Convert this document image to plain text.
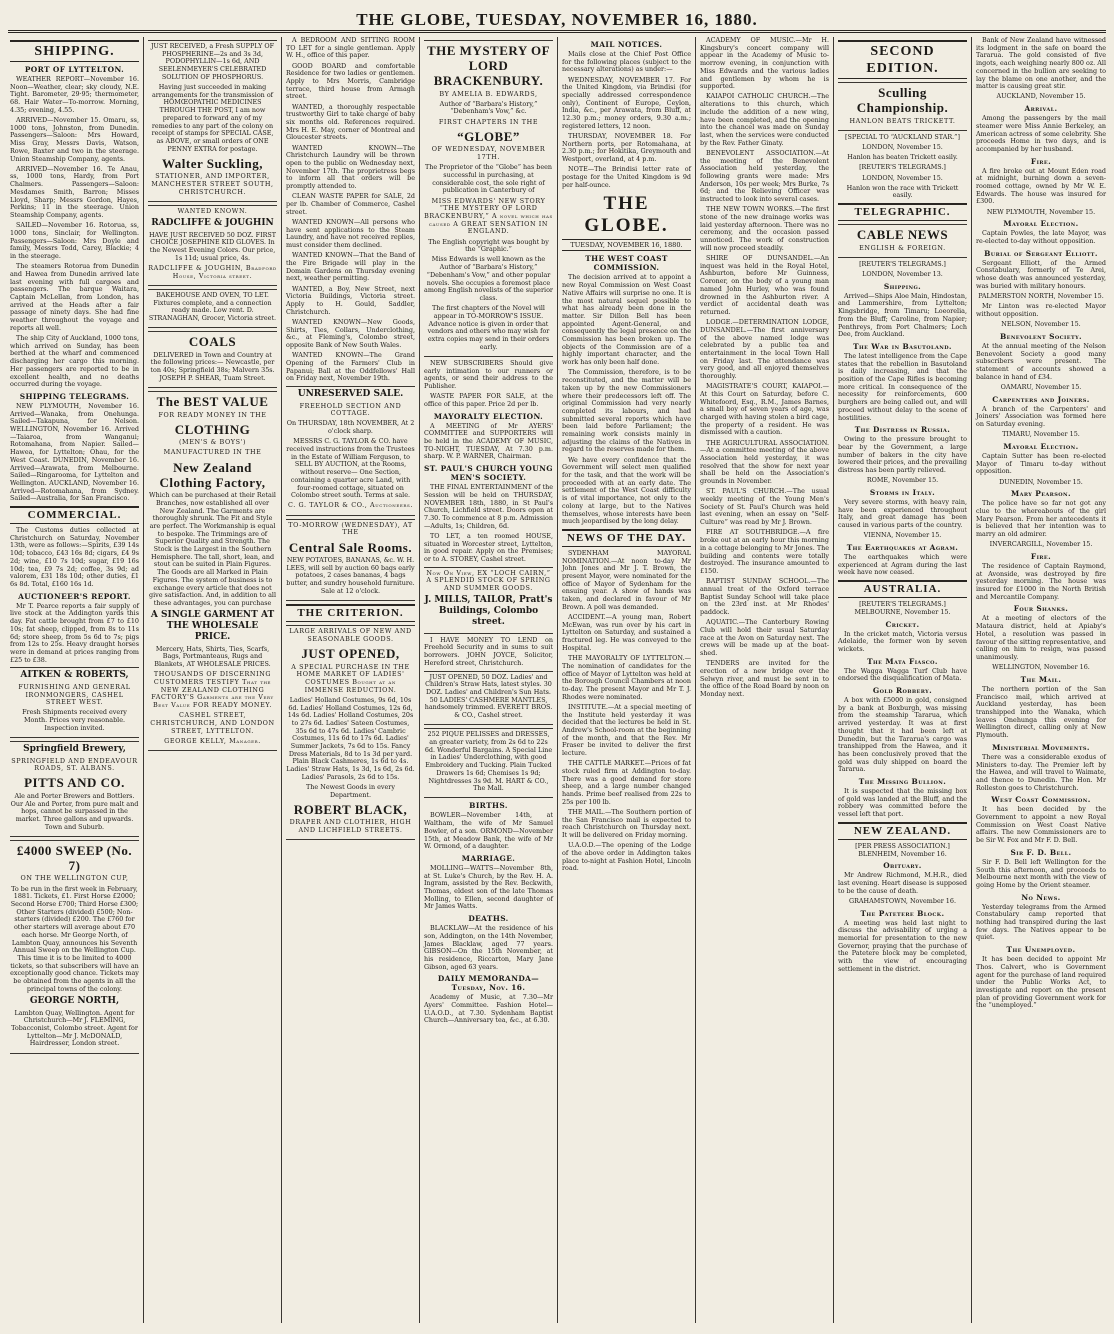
THE GLOBE, TUESDAY, NOVEMBER 16, 1880.
SHIPPING.
PORT OF LYTTELTON.

WEATHER REPORT—November 16. Noon—Weather, clear; sky cloudy, N.E. Tight. Barometer, 29·95; thermometer, 68. Hair Water—To-morrow. Morning, 4.35; evening, 4.55.

ARRIVED—November 15. Omaru, ss, 1000 tons, Johnston, from Dunedin. Passengers—Saloon: Mrs Howard, Miss Gray, Messrs Davis, Watson, Rowe, Baxter and two in the steerage. Union Steamship Company, agents.

ARRIVED—November 16. Te Anau, ss, 1000 tons, Hardy, from Port Chalmers. Passengers—Saloon: Mesdames Smith, Barron; Misses Lloyd, Sharp; Messrs Gordon, Hayes, Perkins; 11 in the steerage. Union Steamship Company, agents.

SAILED—November 16. Rotorua, ss, 1000 tons, Sinclair, for Wellington. Passengers—Saloon: Mrs Doyle and family, Messrs Todd, Carey, Blackie; 4 in the steerage.

The steamers Rotorua from Dunedin and Hawea from Dunedin arrived late last evening with full cargoes and passengers. The barque Waitara, Captain McLellan, from London, has arrived at the Heads after a fair passage of ninety days. She had fine weather throughout the voyage and reports all well.

The ship City of Auckland, 1000 tons, which arrived on Sunday, has been berthed at the wharf and commenced discharging her cargo this morning. Her passengers are reported to be in excellent health, and no deaths occurred during the voyage.

SHIPPING TELEGRAMS.

NEW PLYMOUTH, November 16. Arrived—Wanaka, from Onehunga. Sailed—Takapuna, for Nelson. WELLINGTON, November 16. Arrived—Taiaroa, from Wanganui; Rotomahana, from Napier. Sailed—Hawea, for Lyttelton; Ohau, for the West Coast. DUNEDIN, November 16. Arrived—Arawata, from Melbourne. Sailed—Ringarooma, for Lyttelton and Wellington. AUCKLAND, November 16. Arrived—Rotomahana, from Sydney. Sailed—Australia, for San Francisco.

COMMERCIAL.

The Customs duties collected at Christchurch on Saturday, November 13th, were as follows:—Spirits, £39 14s 10d; tobacco, £43 16s 8d; cigars, £4 9s 2d; wine, £10 7s 10d; sugar, £19 16s 10d; tea, £9 7s 2d; coffee, 3s 9d; ad valorem, £31 18s 10d; other duties, £1 6s 8d. Total, £160 16s 1d.

AUCTIONEER'S REPORT.

Mr T. Pearce reports a fair supply of live stock at the Addington yards this day. Fat cattle brought from £7 to £10 10s; fat sheep, clipped, from 8s to 11s 6d; store sheep, from 5s 6d to 7s; pigs from 12s to 25s. Heavy draught horses were in demand at prices ranging from £25 to £38.

AITKEN & ROBERTS,

FURNISHING AND GENERAL IRONMONGERS, CASHEL STREET WEST.

Fresh Shipments received every Month. Prices very reasonable. Inspection invited.

Springfield Brewery,

SPRINGFIELD AND ENDEAVOUR ROADS, ST. ALBANS.

PITTS AND CO.

Ale and Porter Brewers and Bottlers. Our Ale and Porter, from pure malt and hops, cannot be surpassed in the market. Three gallons and upwards. Town and Suburb.

£4000 SWEEP (No. 7)

ON THE WELLINGTON CUP,

To be run in the first week in February, 1881. Tickets, £1. First Horse £2000; Second Horse £700; Third Horse £300; Other Starters (divided) £500; Non-starters (divided) £200. The £760 for other starters will average about £70 each horse. Mr George North, of Lambton Quay, announces his Seventh Annual Sweep on the Wellington Cup. This time it is to be limited to 4000 tickets, so that subscribers will have an exceptionally good chance. Tickets may be obtained from the agents in all the principal towns of the colony.

GEORGE NORTH,

Lambton Quay, Wellington. Agent for Christchurch—Mr J. FLEMING, Tobacconist, Colombo street. Agent for Lyttelton—Mr J. McDONALD, Hairdresser, London street.

JUST RECEIVED, a Fresh SUPPLY OF PHOSPHERINE—2s and 3s 3d, PODOPHYLLIN—1s 6d, AND SEELENMEYER'S CELEBRATED SOLUTION OF PHOSPHORUS.

Having just succeeded in making arrangements for the transmission of HOMŒOPATHIC MEDICINES THROUGH THE POST, I am now prepared to forward any of my remedies to any part of the colony on receipt of stamps for SPECIAL CASE, as ABOVE, or small orders of ONE PENNY EXTRA for postage.

Walter Suckling,

STATIONER, AND IMPORTER, MANCHESTER STREET SOUTH, CHRISTCHURCH.

WANTED KNOWN.

RADCLIFFE & JOUGHIN

HAVE JUST RECEIVED 50 DOZ. FIRST CHOICE JOSEPHINE KID GLOVES. In the Newest Evening Colors. Our price, 1s 11d; usual price, 4s.

RADCLIFFE & JOUGHIN, Bradford House, Victoria street.

BAKEHOUSE AND OVEN, TO LET. Fixtures complete, and a connection ready made. Low rent. D. STRANAGHAN, Grocer, Victoria street.

COALS

DELIVERED in Town and Country at the following prices:— Newcastle, per ton 40s; Springfield 38s; Malvern 35s. JOSEPH P. SHEAR, Tuam Street.

The BEST VALUE

FOR READY MONEY IN THE

CLOTHING

(MEN'S & BOYS')

MANUFACTURED IN THE

New Zealand Clothing Factory,

Which can be purchased at their Retail Branches, now established all over New Zealand. The Garments are thoroughly shrunk. The Fit and Style are perfect. The Workmanship is equal to bespoke. The Trimmings are of Superior Quality and Strength. The Stock is the Largest in the Southern Hemisphere. The tall, short, lean, and stout can be suited in Plain Figures. The Goods are all Marked in Plain Figures. The system of business is to exchange every article that does not give satisfaction. And, in addition to all these advantages, you can purchase

A SINGLE GARMENT AT THE WHOLESALE PRICE.

Mercery, Hats, Shirts, Ties, Scarfs, Bags, Portmanteaus, Rugs and Blankets, AT WHOLESALE PRICES.

THOUSANDS OF DISCERNING CUSTOMERS TESTIFY That the NEW ZEALAND CLOTHING FACTORY'S Garments are the Very Best Value FOR READY MONEY.

CASHEL STREET, CHRISTCHURCH, AND LONDON STREET, LYTTELTON.

GEORGE KELLY, Manager.

A BEDROOM AND SITTING ROOM TO LET for a single gentleman. Apply W. H., office of this paper.

GOOD BOARD and comfortable Residence for two ladies or gentlemen. Apply to Mrs Morris, Cambridge terrace, third house from Armagh street.

WANTED, a thoroughly respectable trustworthy Girl to take charge of baby six months old. References required. Mrs H. E. May, corner of Montreal and Gloucester streets.

WANTED KNOWN—The Christchurch Laundry will be thrown open to the public on Wednesday next, November 17th. The proprietress begs to inform all that orders will be promptly attended to.

CLEAN WASTE PAPER for SALE, 2d per lb. Chamber of Commerce, Cashel street.

WANTED KNOWN—All persons who have sent applications to the Steam Laundry, and have not received replies, must consider them declined.

WANTED KNOWN—That the Band of the Fire Brigade will play in the Domain Gardens on Thursday evening next, weather permitting.

WANTED, a Boy, New Street, next Victoria Buildings, Victoria street. Apply to H. Gould, Saddler, Christchurch.

WANTED KNOWN—New Goods, Shirts, Ties, Collars, Underclothing, &c., at Fleming's, Colombo street, opposite Bank of New South Wales.

WANTED KNOWN—The Grand Opening of the Farmers' Club in Papanui; Ball at the Oddfellows' Hall on Friday next, November 19th.

UNRESERVED SALE.

FREEHOLD SECTION AND COTTAGE.

On THURSDAY, 18th NOVEMBER, At 2 o'clock sharp.

MESSRS C. G. TAYLOR & CO. have received instructions from the Trustees in the Estate of William Ferguson, to SELL BY AUCTION, at the Rooms, without reserve— One Section, containing a quarter acre Land, with four-roomed cottage, situated on Colombo street south. Terms at sale.

C. G. TAYLOR & CO., Auctioneers.

TO-MORROW (WEDNESDAY), AT THE

Central Sale Rooms.

NEW POTATOES, BANANAS, &c. W. H. LEES, will sell by auction 60 bags early potatoes, 2 cases bananas, 4 bags butter, and sundry household furniture. Sale at 12 o'clock.

THE CRITERION.

LARGE ARRIVALS OF NEW AND SEASONABLE GOODS.

JUST OPENED,

A SPECIAL PURCHASE IN THE HOME MARKET OF LADIES' COSTUMES Bought at an IMMENSE REDUCTION.

Ladies' Holland Costumes, 9s 6d, 10s 6d. Ladies' Holland Costumes, 12s 6d, 14s 6d. Ladies' Holland Costumes, 20s to 27s 6d. Ladies' Sateen Costumes, 35s 6d to 47s 6d. Ladies' Cambric Costumes, 11s 6d to 17s 6d. Ladies' Summer Jackets, 7s 6d to 15s. Fancy Dress Materials, 8d to 1s 3d per yard. Plain Black Cashmeres, 1s 6d to 4s. Ladies' Straw Hats, 1s 3d, 1s 6d, 2s 6d. Ladies' Parasols, 2s 6d to 15s.

The Newest Goods in every Department.

ROBERT BLACK,

DRAPER AND CLOTHIER, HIGH AND LICHFIELD STREETS.

THE MYSTERY OF LORD BRACKENBURY.

BY AMELIA B. EDWARDS,

Author of “Barbara's History,” “Debenham's Vow,” &c.

FIRST CHAPTERS IN THE

“GLOBE”

OF WEDNESDAY, NOVEMBER 17TH.

The Proprietor of the “Globe” has been successful in purchasing, at considerable cost, the sole right of publication in Canterbury of

MISS EDWARDS' NEW STORY “THE MYSTERY OF LORD BRACKENBURY,” A novel which has caused A GREAT SENSATION IN ENGLAND.

The English copyright was bought by the “Graphic.”

Miss Edwards is well known as the Author of “Barbara's History,” “Debenham's Vow,” and other popular novels. She occupies a foremost place among English novelists of the superior class.

The first chapters of the Novel will appear in TO-MORROW'S ISSUE. Advance notice is given in order that vendors and others who may wish for extra copies may send in their orders early.

NEW SUBSCRIBERS Should give early intimation to our runners or agents, or send their address to the Publisher.

WASTE PAPER FOR SALE, at the office of this paper. Price 2d per lb.

MAYORALTY ELECTION.

A MEETING of Mr AYERS' COMMITTEE and SUPPORTERS will be held in the ACADEMY OF MUSIC, TO-NIGHT, TUESDAY, At 7.30 p.m. sharp. W. P. WARNER, Chairman.

ST. PAUL'S CHURCH YOUNG MEN'S SOCIETY.

THE FINAL ENTERTAINMENT of the Session will be held on THURSDAY, NOVEMBER 18th, 1880, in St Paul's Church, Lichfield street. Doors open at 7.30. To commence at 8 p.m. Admission—Adults, 1s; Children, 6d.

TO LET, a ten roomed HOUSE, situated in Worcester street, Lyttelton, in good repair. Apply on the Premises; or to A. STOREY, Cashel street.

Now On View, EX “LOCH CAIRN,” A SPLENDID STOCK OF SPRING AND SUMMER GOODS.

J. MILLS, TAILOR, Pratt's Buildings, Colombo street.

I HAVE MONEY TO LEND on Freehold Security and in sums to suit borrowers. JOHN JOYCE, Solicitor, Hereford street, Christchurch.

JUST OPENED, 50 DOZ. Ladies' and Children's Straw Hats, latest styles. 30 DOZ. Ladies' and Children's Sun Hats. 50 LADIES' CASHMERE MANTLES, handsomely trimmed. EVERETT BROS. & CO., Cashel street.

252 PIQUE PELISSES and DRESSES, an greater variety, from 2s 6d to 22s 6d. Wonderful Bargains. A Special Line in Ladies' Underclothing, with good Embroidery and Tucking. Plain Tucked Drawers 1s 6d; Chemises 1s 9d; Nightdresses 3s 9d. M. HART & CO., The Mall.

BIRTHS.

BOWLER—November 14th, at Waltham, the wife of Mr Samuel Bowler, of a son. ORMOND—November 15th, at Meadow Bank, the wife of Mr W. Ormond, of a daughter.

MARRIAGE.

MOLLING—WATTS—November 8th, at St. Luke's Church, by the Rev. H. A. Ingram, assisted by the Rev. Beckwith, Thomas, eldest son of the late Thomas Molling, to Ellen, second daughter of Mr James Watts.

DEATHS.

BLACKLAW—At the residence of his son, Addington, on the 14th November, James Blacklaw, aged 77 years. GIBSON—On the 15th November, at his residence, Riccarton, Mary Jane Gibson, aged 63 years.

DAILY MEMORANDA—Tuesday, Nov. 16.

Academy of Music, at 7.30—Mr Ayers' Committee. Fashion Hotel—U.A.O.D., at 7.30. Sydenham Baptist Church—Anniversary tea, &c., at 6.30.

MAIL NOTICES.

Mails close at the Chief Post Office for the following places (subject to the necessary alterations) as under:—

WEDNESDAY, NOVEMBER 17. For the United Kingdom, via Brindisi (for specially addressed correspondence only), Continent of Europe, Ceylon, India, &c., per Arawata, from Bluff, at 12.30 p.m.; money orders, 9.30 a.m.; registered letters, 12 noon.

THURSDAY, NOVEMBER 18. For Northern ports, per Rotomahana, at 2.30 p.m.; for Hokitika, Greymouth and Westport, overland, at 4 p.m.

NOTE—The Brindisi letter rate of postage for the United Kingdom is 9d per half-ounce.

THE GLOBE.
TUESDAY, NOVEMBER 16, 1880.
THE WEST COAST COMMISSION.

The decision arrived at to appoint a new Royal Commission on West Coast Native Affairs will surprise no one. It is the most natural sequel possible to what has already been done in the matter. Sir Dillon Bell has been appointed Agent-General, and consequently the legal presence on the Commission has been broken up. The objects of the Commission are of a highly important character, and the work has only been half done.

The Commission, therefore, is to be reconstituted, and the matter will be taken up by the new Commissioners where their predecessors left off. The original Commission had very nearly completed its labours, and had submitted several reports which have been laid before Parliament; the remaining work consists mainly in adjusting the claims of the Natives in regard to the reserves made for them.

We have every confidence that the Government will select men qualified for the task, and that the work will be proceeded with at an early date. The settlement of the West Coast difficulty is of vital importance, not only to the colony at large, but to the Natives themselves, whose interests have been much jeopardised by the long delay.

NEWS OF THE DAY.

SYDENHAM MAYORAL NOMINATION.—At noon to-day Mr John Jones and Mr J. T. Brown, the present Mayor, were nominated for the office of Mayor of Sydenham for the ensuing year. A show of hands was taken, and declared in favour of Mr Brown. A poll was demanded.

ACCIDENT.—A young man, Robert McEwan, was run over by his cart in Lyttelton on Saturday, and sustained a fractured leg. He was conveyed to the Hospital.

THE MAYORALTY OF LYTTELTON.—The nomination of candidates for the office of Mayor of Lyttelton was held at the Borough Council Chambers at noon to-day. The present Mayor and Mr T. J. Rhodes were nominated.

INSTITUTE.—At a special meeting of the Institute held yesterday it was decided that the lectures be held in St. Andrew's School-room at the beginning of the month, and that the Rev. Mr Fraser be invited to deliver the first lecture.

THE CATTLE MARKET.—Prices of fat stock ruled firm at Addington to-day. There was a good demand for store sheep, and a large number changed hands. Prime beef realised from 22s to 25s per 100 lb.

THE MAIL.—The Southern portion of the San Francisco mail is expected to reach Christchurch on Thursday next. It will be delivered on Friday morning.

U.A.O.D.—The opening of the Lodge of the above order in Addington takes place to-night at Fashion Hotel, Lincoln road.

ACADEMY OF MUSIC.—Mr H. Kingsbury's concert company will appear in the Academy of Music to-morrow evening, in conjunction with Miss Edwards and the various ladies and gentlemen by whom he is supported.

KAIAPOI CATHOLIC CHURCH.—The alterations to this church, which include the addition of a new wing, have been completed, and the opening into the chancel was made on Sunday last, when the services were conducted by the Rev. Father Ginaty.

BENEVOLENT ASSOCIATION.—At the meeting of the Benevolent Association held yesterday, the following grants were made: Mrs Anderson, 10s per week; Mrs Burke, 7s 6d; and the Relieving Officer was instructed to look into several cases.

THE NEW TOWN WORKS.—The first stone of the new drainage works was laid yesterday afternoon. There was no ceremony, and the occasion passed unnoticed. The work of construction will now proceed steadily.

SHIRE OF DUNSANDEL.—An inquest was held in the Royal Hotel, Ashburton, before Mr Guinness, Coroner, on the body of a young man named John Hurley, who was found drowned in the Ashburton river. A verdict of accidental death was returned.

LODGE.—DETERMINATION LODGE, DUNSANDEL.—The first anniversary of the above named lodge was celebrated by a public tea and entertainment in the local Town Hall on Friday last. The attendance was very good, and all enjoyed themselves thoroughly.

MAGISTRATE'S COURT, KAIAPOI.—At this Court on Saturday, before C. Whitefoord, Esq., R.M., James Barnes, a small boy of seven years of age, was charged with having stolen a bird cage, the property of a resident. He was dismissed with a caution.

THE AGRICULTURAL ASSOCIATION.—At a committee meeting of the above Association held yesterday, it was resolved that the show for next year shall be held on the Association's grounds in November.

ST. PAUL'S CHURCH.—The usual weekly meeting of the Young Men's Society of St. Paul's Church was held last evening, when an essay on “Self-Culture” was read by Mr J. Brown.

FIRE AT SOUTHBRIDGE.—A fire broke out at an early hour this morning in a cottage belonging to Mr Jones. The building and contents were totally destroyed. The insurance amounted to £150.

BAPTIST SUNDAY SCHOOL.—The annual treat of the Oxford terrace Baptist Sunday School will take place on the 23rd inst. at Mr Rhodes' paddock.

AQUATIC.—The Canterbury Rowing Club will hold their usual Saturday race at the Avon on Saturday next. The crews will be made up at the boat-shed.

TENDERS are invited for the erection of a new bridge over the Selwyn river, and must be sent in to the office of the Road Board by noon on Monday next.

SECOND EDITION.

Sculling Championship.

HANLON BEATS TRICKETT.

[SPECIAL TO “AUCKLAND STAR.”]

LONDON, November 15.

Hanlon has beaten Trickett easily.

[REUTER'S TELEGRAMS.]

LONDON, November 15.

Hanlon won the race with Trickett easily.

TELEGRAPHIC.

CABLE NEWS

ENGLISH & FOREIGN.

[REUTER'S TELEGRAMS.]

LONDON, November 13.

Shipping.

Arrived—Ships Aloe Main, Hindostan, and Lammershire, from Lyttelton; Kingsbridge, from Timaru; Loeorelia, from the Bluff; Caroline, from Napier; Penthreys, from Port Chalmers; Loch Dee, from Auckland.

The War in Basutoland.

The latest intelligence from the Cape states that the rebellion in Basutoland is daily increasing, and that the position of the Cape Rifles is becoming more critical. In consequence of the necessity for reinforcements, 600 burghers are being called out, and will proceed without delay to the scene of hostilities.

The Distress in Russia.

Owing to the pressure brought to bear by the Government, a large number of bakers in the city have lowered their prices, and the prevailing distress has been partly relieved.

ROME, November 15.

Storms in Italy.

Very severe storms, with heavy rain, have been experienced throughout Italy, and great damage has been caused in various parts of the country.

VIENNA, November 15.

The Earthquakes at Agram.

The earthquakes which were experienced at Agram during the last week have now ceased.

AUSTRALIA.

[REUTER'S TELEGRAMS.] MELBOURNE, November 15.

Cricket.

In the cricket match, Victoria versus Adelaide, the former won by seven wickets.

The Mata Fiasco.

The Wagga Wagga Turf Club have endorsed the disqualification of Mata.

Gold Robbery.

A box with £5000 in gold, consigned by a bank at Boxburgh, was missing from the steamship Tararua, which arrived yesterday. It was at first thought that it had been left at Dunedin, but the Tararua's cargo was transhipped from the Hawea, and it has been conclusively proved that the gold was duly shipped on board the Tararua.

The Missing Bullion.

It is suspected that the missing box of gold was landed at the Bluff, and the robbery was committed before the vessel left that port.

NEW ZEALAND.

[PER PRESS ASSOCIATION.] BLENHEIM, November 16.

Obituary.

Mr Andrew Richmond, M.H.R., died last evening. Heart disease is supposed to be the cause of death.

GRAHAMSTOWN, November 16.

The Patetere Block.

A meeting was held last night to discuss the advisability of urging a memorial for presentation to the new Governor, praying that the purchase of the Patetere block may be completed, with the view of encouraging settlement in the district.

Bank of New Zealand have witnessed its lodgment in the safe on board the Tararua. The gold consisted of five ingots, each weighing nearly 800 oz. All concerned in the bullion are seeking to lay the blame on one another, and the matter is causing great stir.

AUCKLAND, November 15.

Arrival.

Among the passengers by the mail steamer were Miss Annie Berkeley, an American actress of some celebrity. She proceeds Home in two days, and is accompanied by her husband.

Fire.

A fire broke out at Mount Eden road at midnight, burning down a seven-roomed cottage, owned by Mr W. E. Edwards. The house was insured for £300.

NEW PLYMOUTH, November 15.

Mayoral Election.

Captain Powles, the late Mayor, was re-elected to-day without opposition.

Burial of Sergeant Elliott.

Sergeant Elliott, of the Armed Constabulary, formerly of Te Arei, whose death was announced yesterday, was buried with military honours.

PALMERSTON NORTH, November 15.

Mr Linton was re-elected Mayor without opposition.

NELSON, November 15.

Benevolent Society.

At the annual meeting of the Nelson Benevolent Society a good many subscribers were present. The statement of accounts showed a balance in hand of £34.

OAMARU, November 15.

Carpenters and Joiners.

A branch of the Carpenters' and Joiners' Association was formed here on Saturday evening.

TIMARU, November 15.

Mayoral Election.

Captain Sutter has been re-elected Mayor of Timaru to-day without opposition.

DUNEDIN, November 15.

Mary Pearson.

The police have so far not got any clue to the whereabouts of the girl Mary Pearson. From her antecedents it is believed that her intention was to marry an old admirer.

INVERCARGILL, November 15.

Fire.

The residence of Captain Raymond, at Avonside, was destroyed by fire yesterday morning. The house was insured for £1000 in the North British and Mercantile Company.

Four Shanks.

At a meeting of electors of the Mataura district, held at Apiaby's Hotel, a resolution was passed in favour of the sitting representative, and calling on him to resign, was passed unanimously.

WELLINGTON, November 16.

The Mail.

The northern portion of the San Francisco mail, which arrived at Auckland yesterday, has been transhipped into the Wanaka, which leaves Onehunga this evening for Wellington direct, calling only at New Plymouth.

Ministerial Movements.

There was a considerable exodus of Ministers to-day. The Premier left by the Hawea, and will travel to Waimate, and thence to Dunedin. The Hon. Mr Rolleston goes to Christchurch.

West Coast Commission.

It has been decided by the Government to appoint a new Royal Commission on West Coast Native affairs. The new Commissioners are to be Sir W. Fox and Mr F. D. Bell.

Sir F. D. Bell.

Sir F. D. Bell left Wellington for the South this afternoon, and proceeds to Melbourne next month with the view of going Home by the Orient steamer.

No News.

Yesterday telegrams from the Armed Constabulary camp reported that nothing had transpired during the last few days. The Natives appear to be quiet.

The Unemployed.

It has been decided to appoint Mr Thos. Calvert, who is Government agent for the purchase of land required under the Public Works Act, to investigate and report on the present plan of providing Government work for the “unemployed.”
